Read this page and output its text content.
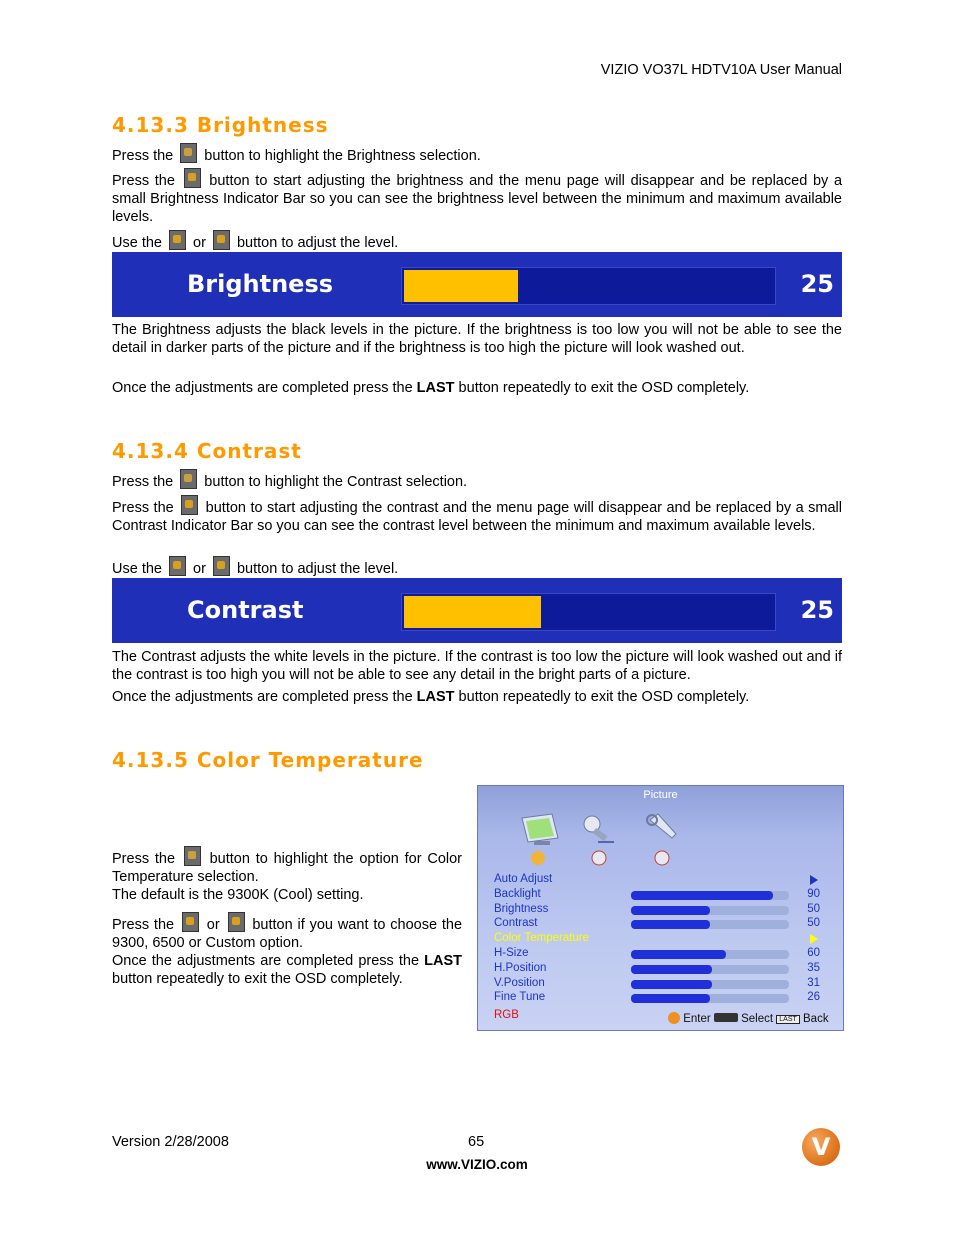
VIZIO VO37L HDTV10A User Manual
4.13.3 Brightness

Press the  button to highlight the Brightness selection.

Press the  button to start adjusting the brightness and the menu page will disappear and be replaced by a small Brightness Indicator Bar so you can see the brightness level between the minimum and maximum available levels.

Use the  or  button to adjust the level.

Brightness	25

The Brightness adjusts the black levels in the picture. If the brightness is too low you will not be able to see the detail in darker parts of the picture and if the brightness is too high the picture will look washed out.

Once the adjustments are completed press the LAST button repeatedly to exit the OSD completely.

4.13.4 Contrast

Press the  button to highlight the Contrast selection.

Press the  button to start adjusting the contrast and the menu page will disappear and be replaced by a small Contrast Indicator Bar so you can see the contrast level between the minimum and maximum available levels.

Use the  or  button to adjust the level.

Contrast	25

The Contrast adjusts the white levels in the picture. If the contrast is too low the picture will look washed out and if the contrast is too high you will not be able to see any detail in the bright parts of a picture.

Once the adjustments are completed press the LAST button repeatedly to exit the OSD completely.

4.13.5 Color Temperature

Press the  button to highlight the option for Color Temperature selection.

The default is the 9300K (Cool) setting.

Press the  or  button if you want to choose the 9300, 6500 or Custom option.

Once the adjustments are completed press the LAST button repeatedly to exit the OSD completely.

Picture
Auto Adjust
Backlight	90
Brightness	50
Contrast	50
Color Temperature
H-Size	60
H.Position	35
V.Position	31
Fine Tune	26
RGB	Enter	Select LAST Back
Version 2/28/2008	65
www.VIZIO.com
V
